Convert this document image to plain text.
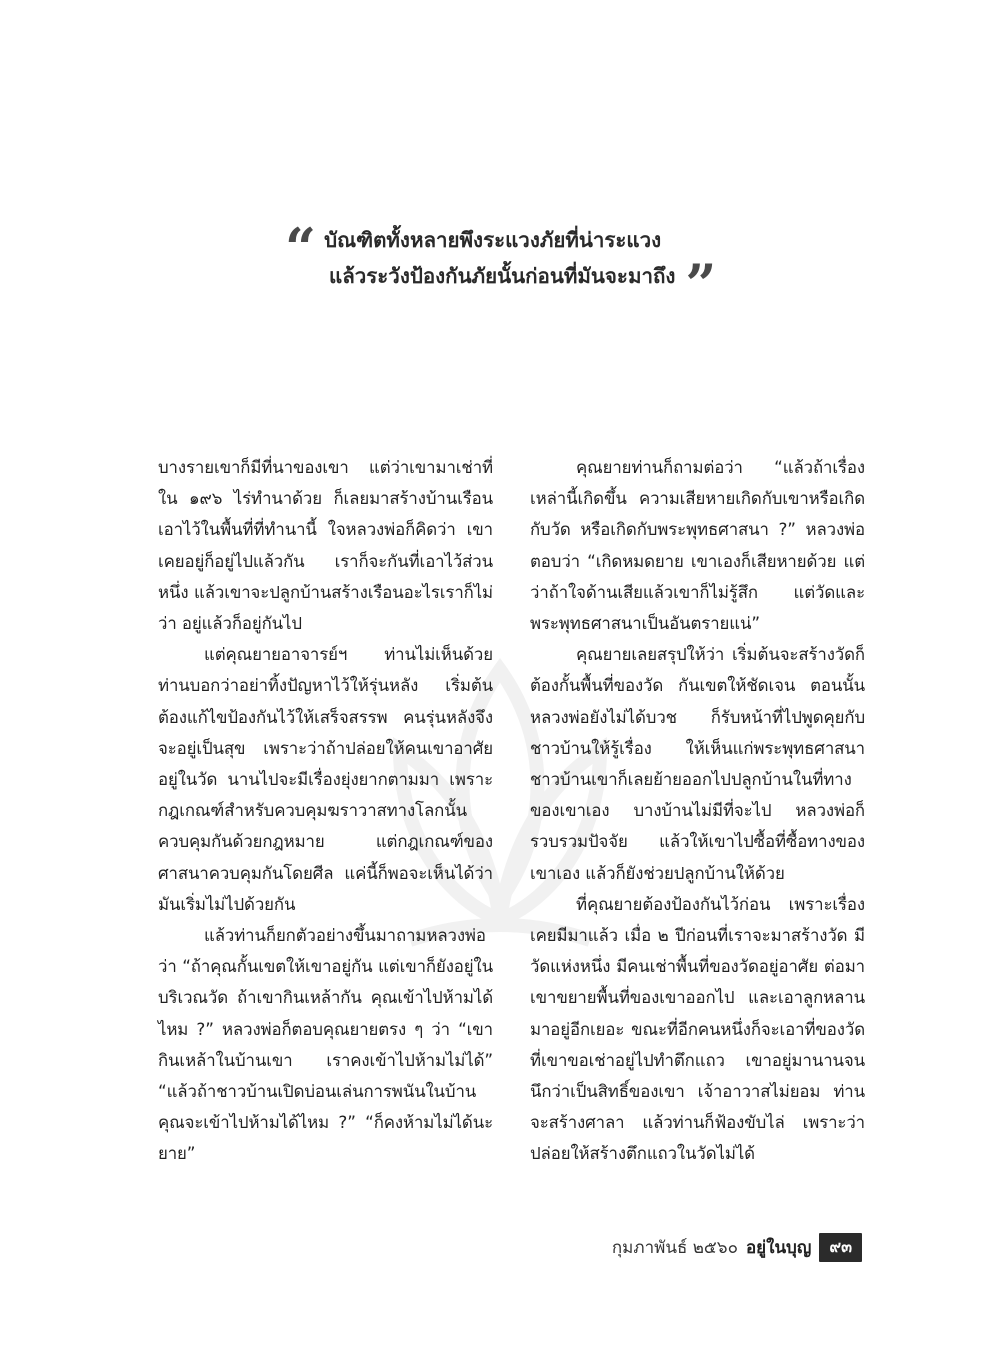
“ บัณฑิตทั้งหลายพึงระแวงภัยที่น่าระแวง
แล้วระวังป้องกันภัยนั้นก่อนที่มันจะมาถึง ”

บางรายเขาก็มีที่นาของเขา แต่ว่าเขามาเช่าที่ใน ๑๙๖ ไร่ทำนาด้วย ก็เลยมาสร้างบ้านเรือนเอาไว้ในพื้นที่ที่ทำนานี้ ใจหลวงพ่อก็คิดว่า เขาเคยอยู่ก็อยู่ไปแล้วกัน เราก็จะกันที่เอาไว้ส่วนหนึ่ง แล้วเขาจะปลูกบ้านสร้างเรือนอะไรเราก็ไม่ว่า อยู่แล้วก็อยู่กันไป

แต่คุณยายอาจารย์ฯ ท่านไม่เห็นด้วย ท่านบอกว่าอย่าทิ้งปัญหาไว้ให้รุ่นหลัง เริ่มต้นต้องแก้ไขป้องกันไว้ให้เสร็จสรรพ คนรุ่นหลังจึงจะอยู่เป็นสุข เพราะว่าถ้าปล่อยให้คนเขาอาศัยอยู่ในวัด นานไปจะมีเรื่องยุ่งยากตามมา เพราะกฎเกณฑ์สำหรับควบคุมฆราวาสทางโลกนั้นควบคุมกันด้วยกฎหมาย แต่กฎเกณฑ์ของศาสนาควบคุมกันโดยศีล แค่นี้ก็พอจะเห็นได้ว่ามันเริ่มไม่ไปด้วยกัน

แล้วท่านก็ยกตัวอย่างขึ้นมาถามหลวงพ่อว่า “ถ้าคุณกั้นเขตให้เขาอยู่กัน แต่เขาก็ยังอยู่ในบริเวณวัด ถ้าเขากินเหล้ากัน คุณเข้าไปห้ามได้ไหม ?” หลวงพ่อก็ตอบคุณยายตรง ๆ ว่า “เขากินเหล้าในบ้านเขา เราคงเข้าไปห้ามไม่ได้” “แล้วถ้าชาวบ้านเปิดบ่อนเล่นการพนันในบ้านคุณจะเข้าไปห้ามได้ไหม ?” “ก็คงห้ามไม่ได้นะยาย”

คุณยายท่านก็ถามต่อว่า “แล้วถ้าเรื่องเหล่านี้เกิดขึ้น ความเสียหายเกิดกับเขาหรือเกิดกับวัด หรือเกิดกับพระพุทธศาสนา ?” หลวงพ่อตอบว่า “เกิดหมดยาย เขาเองก็เสียหายด้วย แต่ว่าถ้าใจด้านเสียแล้วเขาก็ไม่รู้สึก แต่วัดและพระพุทธศาสนาเป็นอันตรายแน่”

คุณยายเลยสรุปให้ว่า เริ่มต้นจะสร้างวัดก็ต้องกั้นพื้นที่ของวัด กันเขตให้ชัดเจน ตอนนั้นหลวงพ่อยังไม่ได้บวช ก็รับหน้าที่ไปพูดคุยกับชาวบ้านให้รู้เรื่อง ให้เห็นแก่พระพุทธศาสนา ชาวบ้านเขาก็เลยย้ายออกไปปลูกบ้านในที่ทางของเขาเอง บางบ้านไม่มีที่จะไป หลวงพ่อก็รวบรวมปัจจัย แล้วให้เขาไปซื้อที่ซื้อทางของเขาเอง แล้วก็ยังช่วยปลูกบ้านให้ด้วย

ที่คุณยายต้องป้องกันไว้ก่อน เพราะเรื่องเคยมีมาแล้ว เมื่อ ๒ ปีก่อนที่เราจะมาสร้างวัด มีวัดแห่งหนึ่ง มีคนเช่าพื้นที่ของวัดอยู่อาศัย ต่อมาเขาขยายพื้นที่ของเขาออกไป และเอาลูกหลานมาอยู่อีกเยอะ ขณะที่อีกคนหนึ่งก็จะเอาที่ของวัดที่เขาขอเช่าอยู่ไปทำตึกแถว เขาอยู่มานานจนนึกว่าเป็นสิทธิ์ของเขา เจ้าอาวาสไม่ยอม ท่านจะสร้างศาลา แล้วท่านก็ฟ้องขับไล่ เพราะว่าปล่อยให้สร้างตึกแถวในวัดไม่ได้

กุมภาพันธ์ ๒๕๖๐ อยู่ในบุญ	๙๓
